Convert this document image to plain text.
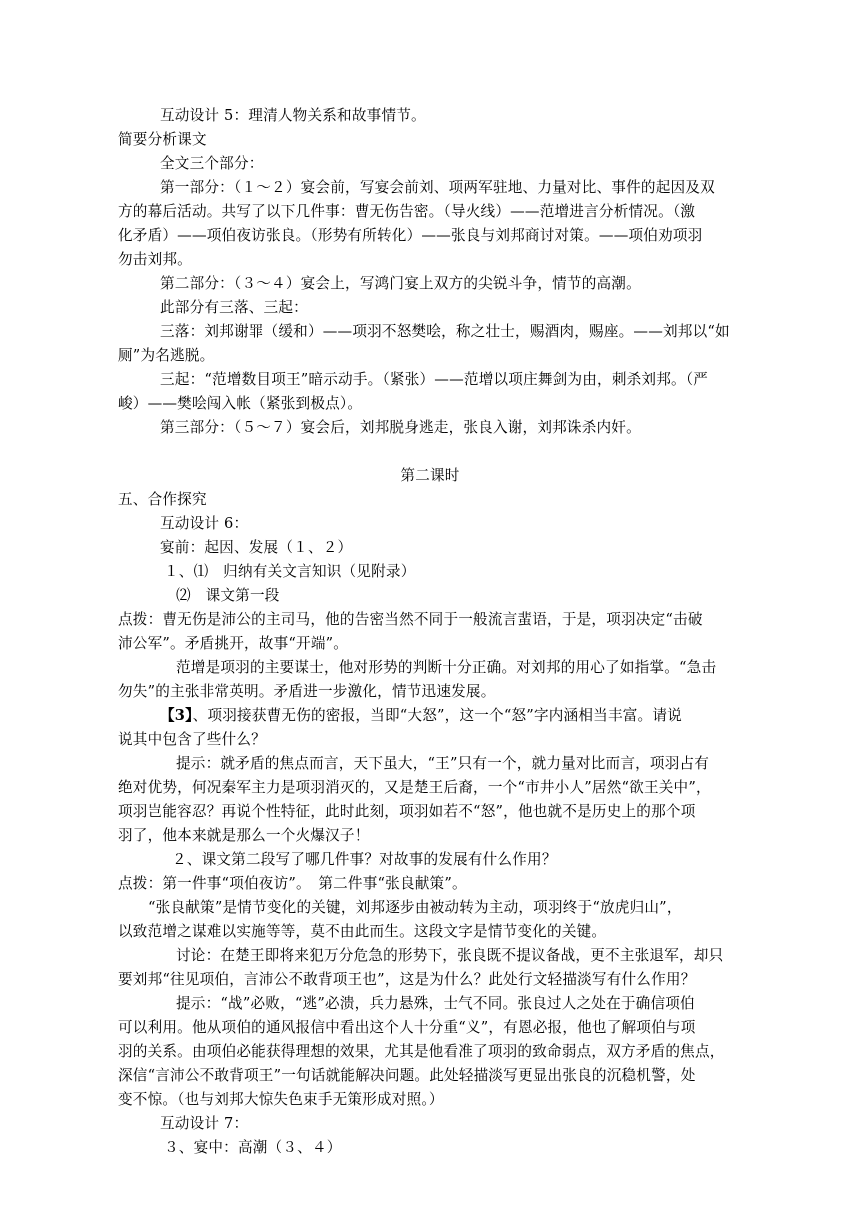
互动设计 5：理清人物关系和故事情节。
简要分析课文
全文三个部分：
第一部分：（１～２）宴会前，写宴会前刘、项两军驻地、力量对比、事件的起因及双
方的幕后活动。共写了以下几件事：曹无伤告密。（导火线）——范增进言分析情况。（激
化矛盾）——项伯夜访张良。（形势有所转化）——张良与刘邦商讨对策。——项伯劝项羽
勿击刘邦。
第二部分：（３～４）宴会上，写鸿门宴上双方的尖锐斗争，情节的高潮。
此部分有三落、三起：
三落：刘邦谢罪（缓和）——项羽不怒樊哙，称之壮士，赐酒肉，赐座。——刘邦以“如
厕”为名逃脱。
三起：“范增数目项王”暗示动手。（紧张）——范增以项庄舞剑为由，刺杀刘邦。（严
峻）——樊哙闯入帐（紧张到极点）。
第三部分：（５～７）宴会后，刘邦脱身逃走，张良入谢，刘邦诛杀内奸。
第二课时
五、合作探究
互动设计 6：
宴前：起因、发展（１、２）
１、⑴　归纳有关文言知识（见附录）
⑵　课文第一段
点拨：曹无伤是沛公的主司马，他的告密当然不同于一般流言蜚语，于是，项羽决定“击破
沛公军”。矛盾挑开，故事“开端”。
范增是项羽的主要谋士，他对形势的判断十分正确。对刘邦的用心了如指掌。“急击
勿失”的主张非常英明。矛盾进一步激化，情节迅速发展。
【3】、项羽接获曹无伤的密报，当即“大怒”，这一个“怒”字内涵相当丰富。请说
说其中包含了些什么？
提示：就矛盾的焦点而言，天下虽大，“王”只有一个，就力量对比而言，项羽占有
绝对优势，何况秦军主力是项羽消灭的，又是楚王后裔，一个“市井小人”居然“欲王关中”，
项羽岂能容忍？再说个性特征，此时此刻，项羽如若不“怒”，他也就不是历史上的那个项
羽了，他本来就是那么一个火爆汉子！
２、课文第二段写了哪几件事？对故事的发展有什么作用？
点拨：第一件事“项伯夜访”。　第二件事“张良献策”。
“张良献策”是情节变化的关键，刘邦逐步由被动转为主动，项羽终于“放虎归山”，
以致范增之谋难以实施等等，莫不由此而生。这段文字是情节变化的关键。
讨论：在楚王即将来犯万分危急的形势下，张良既不提议备战，更不主张退军，却只
要刘邦“往见项伯，言沛公不敢背项王也”，这是为什么？此处行文轻描淡写有什么作用？
提示：“战”必败，“逃”必溃，兵力悬殊，士气不同。张良过人之处在于确信项伯
可以利用。他从项伯的通风报信中看出这个人十分重“义”，有恩必报，他也了解项伯与项
羽的关系。由项伯必能获得理想的效果，尤其是他看准了项羽的致命弱点，双方矛盾的焦点，
深信“言沛公不敢背项王”一句话就能解决问题。此处轻描淡写更显出张良的沉稳机警，处
变不惊。（也与刘邦大惊失色束手无策形成对照。）
互动设计 7：
３、宴中：高潮（３、４）
